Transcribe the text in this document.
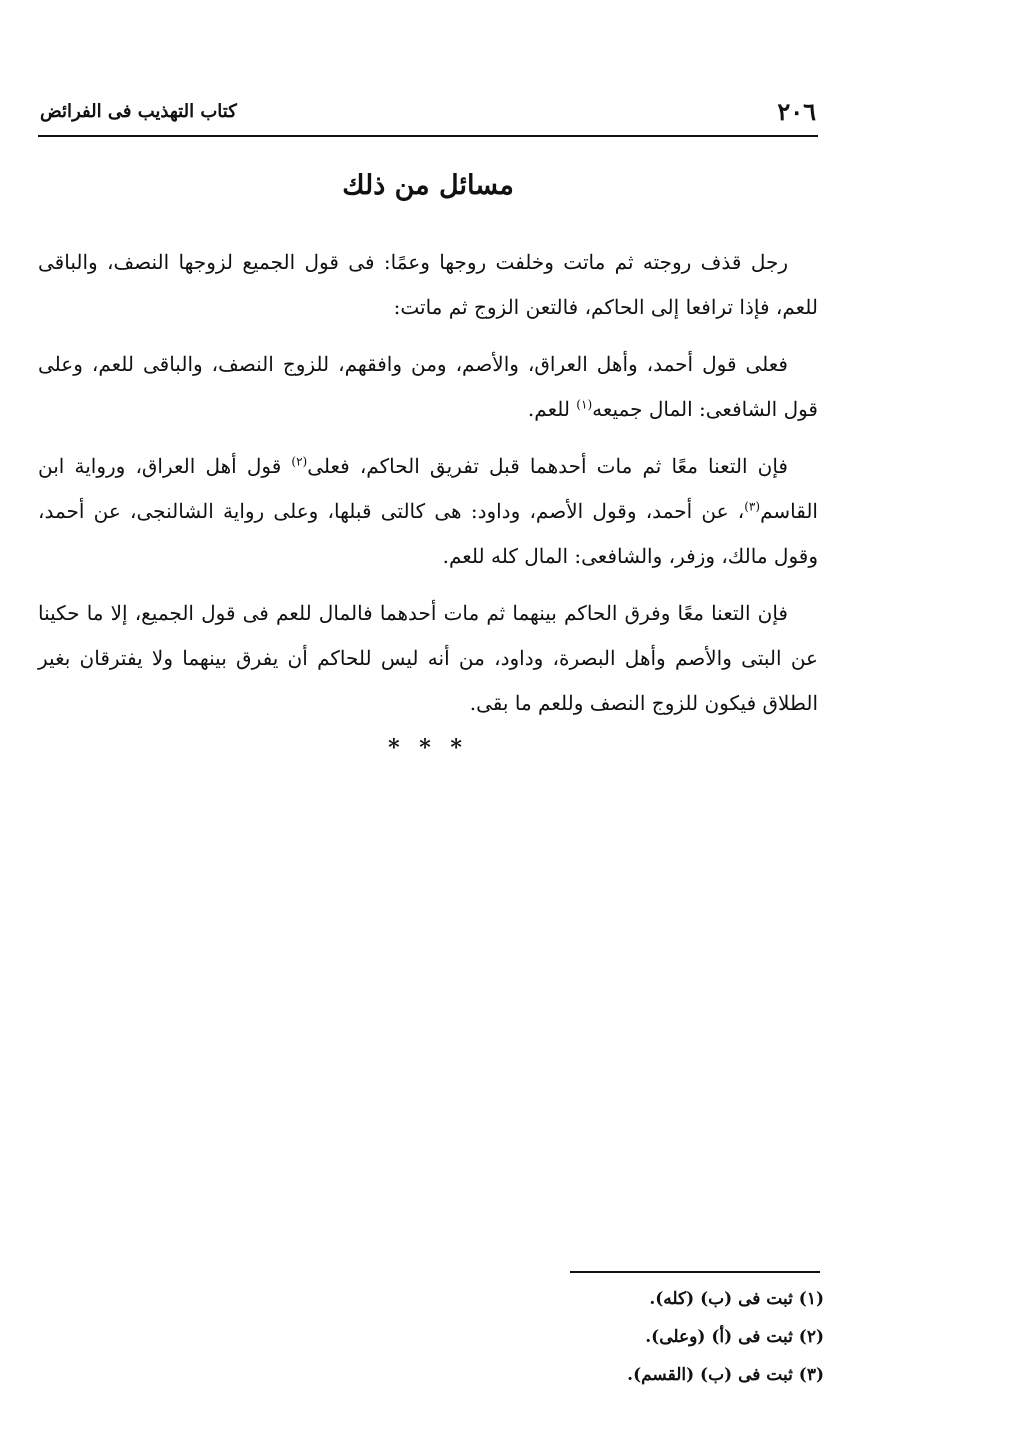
٢٠٦
كتاب التهذيب فى الفرائض
مسائل من ذلك

رجل قذف روجته ثم ماتت وخلفت روجها وعمًا: فى قول الجميع لزوجها النصف، والباقى للعم، فإذا ترافعا إلى الحاكم، فالتعن الزوج ثم ماتت:

فعلى قول أحمد، وأهل العراق، والأصم، ومن وافقهم، للزوج النصف، والباقى للعم، وعلى قول الشافعى: المال جميعه$^{(١)}$ للعم.

فإن التعنا معًا ثم مات أحدهما قبل تفريق الحاكم، فعلى$^{(٢)}$ قول أهل العراق، ورواية ابن القاسم$^{(٣)}$، عن أحمد، وقول الأصم، وداود: هى كالتى قبلها، وعلى رواية الشالنجى، عن أحمد، وقول مالك، وزفر، والشافعى: المال كله للعم.

فإن التعنا معًا وفرق الحاكم بينهما ثم مات أحدهما فالمال للعم فى قول الجميع، إلا ما حكينا عن البتى والأصم وأهل البصرة، وداود، من أنه ليس للحاكم أن يفرق بينهما ولا يفترقان بغير الطلاق فيكون للزوج النصف وللعم ما بقى.

* * *
(١) ثبت فى (ب) (كله).
(٢) ثبت فى (أ) (وعلى).
(٣) ثبت فى (ب) (القسم).
